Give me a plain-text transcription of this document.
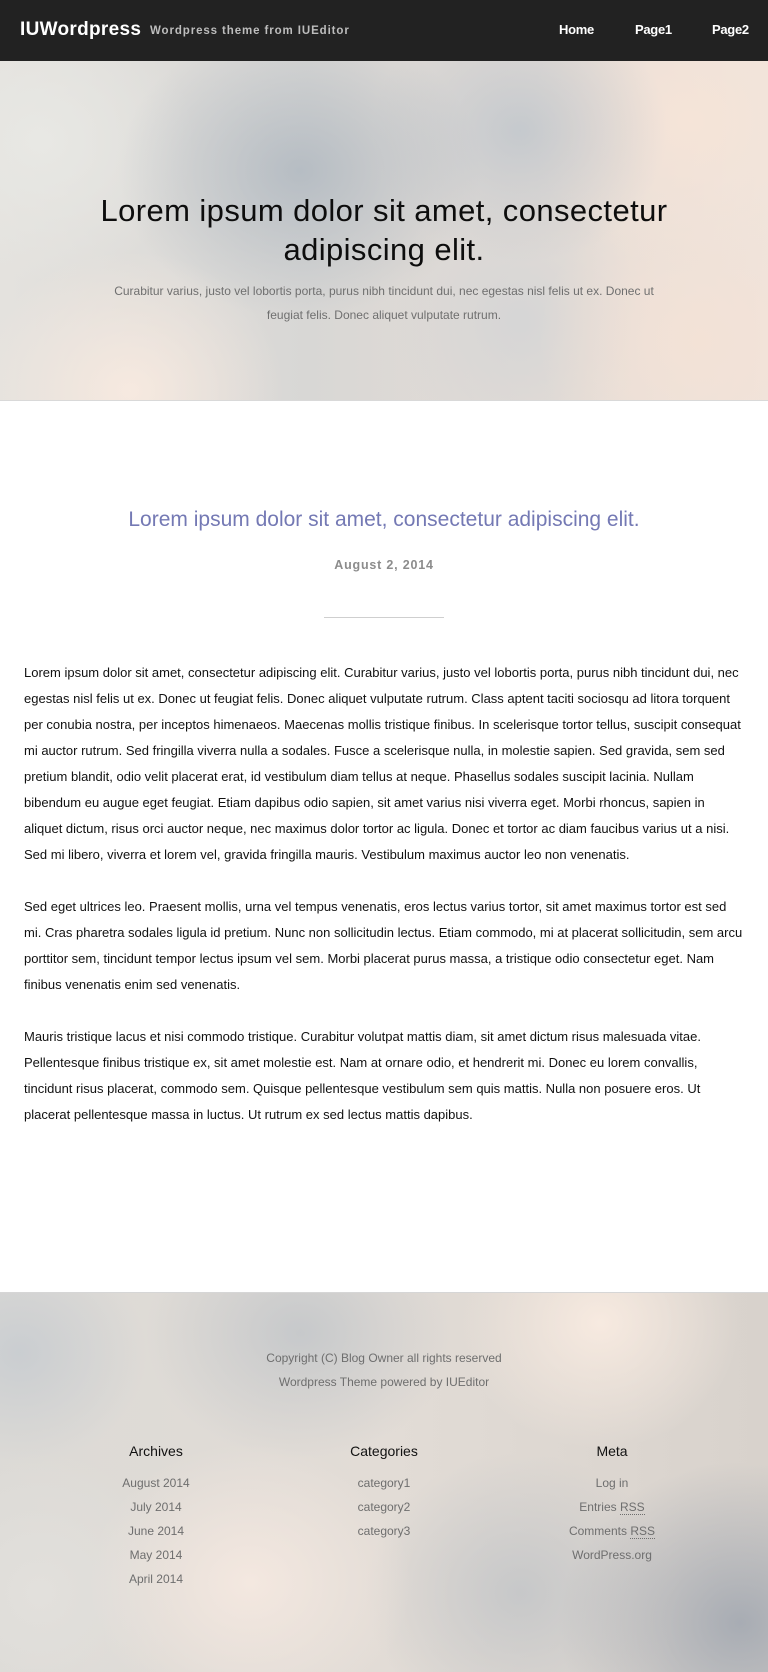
IUWordpress Wordpress theme from IUEditor	Home	Page1	Page2
Lorem ipsum dolor sit amet, consectetur adipiscing elit.

Curabitur varius, justo vel lobortis porta, purus nibh tincidunt dui, nec egestas nisl felis ut ex. Donec ut feugiat felis. Donec aliquet vulputate rutrum.

Lorem ipsum dolor sit amet, consectetur adipiscing elit.
August 2, 2014

Lorem ipsum dolor sit amet, consectetur adipiscing elit. Curabitur varius, justo vel lobortis porta, purus nibh tincidunt dui, nec egestas nisl felis ut ex. Donec ut feugiat felis. Donec aliquet vulputate rutrum. Class aptent taciti sociosqu ad litora torquent per conubia nostra, per inceptos himenaeos. Maecenas mollis tristique finibus. In scelerisque tortor tellus, suscipit consequat mi auctor rutrum. Sed fringilla viverra nulla a sodales. Fusce a scelerisque nulla, in molestie sapien. Sed gravida, sem sed pretium blandit, odio velit placerat erat, id vestibulum diam tellus at neque. Phasellus sodales suscipit lacinia. Nullam bibendum eu augue eget feugiat. Etiam dapibus odio sapien, sit amet varius nisi viverra eget. Morbi rhoncus, sapien in aliquet dictum, risus orci auctor neque, nec maximus dolor tortor ac ligula. Donec et tortor ac diam faucibus varius ut a nisi. Sed mi libero, viverra et lorem vel, gravida fringilla mauris. Vestibulum maximus auctor leo non venenatis.

Sed eget ultrices leo. Praesent mollis, urna vel tempus venenatis, eros lectus varius tortor, sit amet maximus tortor est sed mi. Cras pharetra sodales ligula id pretium. Nunc non sollicitudin lectus. Etiam commodo, mi at placerat sollicitudin, sem arcu porttitor sem, tincidunt tempor lectus ipsum vel sem. Morbi placerat purus massa, a tristique odio consectetur eget. Nam finibus venenatis enim sed venenatis.

Mauris tristique lacus et nisi commodo tristique. Curabitur volutpat mattis diam, sit amet dictum risus malesuada vitae. Pellentesque finibus tristique ex, sit amet molestie est. Nam at ornare odio, et hendrerit mi. Donec eu lorem convallis, tincidunt risus placerat, commodo sem. Quisque pellentesque vestibulum sem quis mattis. Nulla non posuere eros. Ut placerat pellentesque massa in luctus. Ut rutrum ex sed lectus mattis dapibus.

Copyright (C) Blog Owner all rights reserved
Wordpress Theme powered by IUEditor
Archives
August 2014
July 2014
June 2014
May 2014
April 2014
Categories
category1
category2
category3
Meta
Log in
Entries RSS
Comments RSS
WordPress.org
